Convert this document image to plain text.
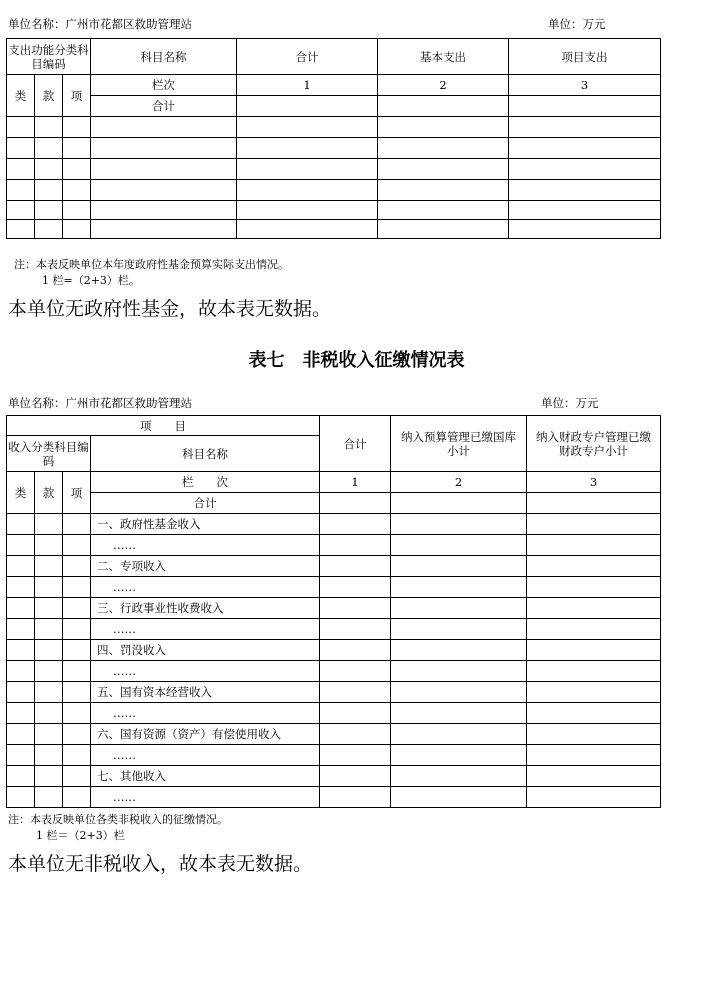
单位名称：广州市花都区救助管理站	单位：万元
支出功能分类科目编码			科目名称	合计	基本支出	项目支出

类	款	项	栏次	1	2	3
			合计			

注：本表反映单位本年度政府性基金预算实际支出情况。
1 栏=（2+3）栏。
本单位无政府性基金，故本表无数据。
表七　非税收入征缴情况表
单位名称：广州市花都区救助管理站	单位：万元
项　　目				合计	纳入预算管理已缴国库小计	纳入财政专户管理已缴财政专户小计
收入分类科目编码			科目名称			

类	款	项	栏　　次	1	2	3
			合计			
			一、政府性基金收入			
			……			
			二、专项收入			
			……			
			三、行政事业性收费收入			
			……			
			四、罚没收入			
			……			
			五、国有资本经营收入			
			……			
			六、国有资源（资产）有偿使用收入			
			……			
			七、其他收入			
			……			
注：本表反映单位各类非税收入的征缴情况。
1 栏＝（2+3）栏
本单位无非税收入，故本表无数据。
